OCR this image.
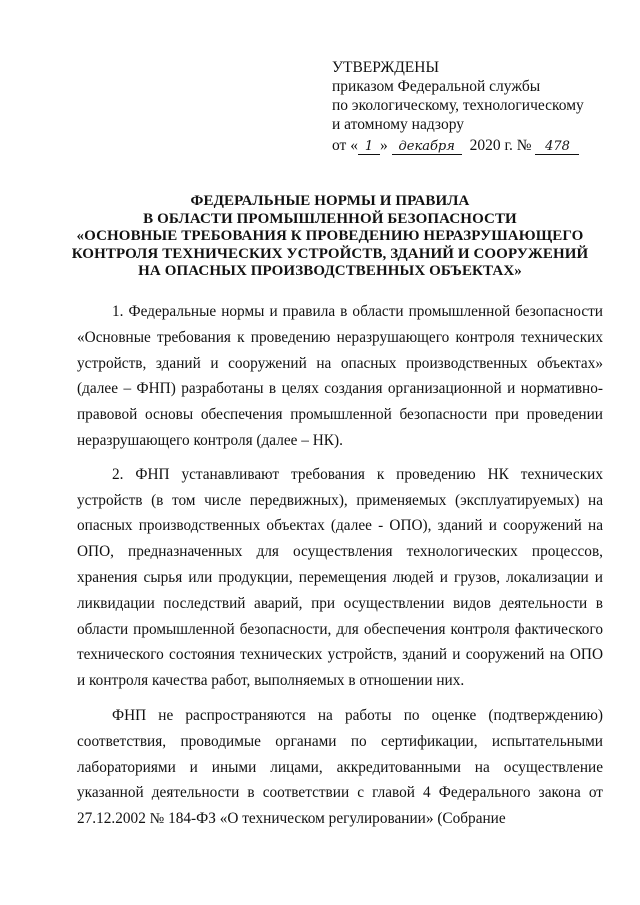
УТВЕРЖДЕНЫ
приказом Федеральной службы
по экологическому, технологическому
и атомному надзору
от « 1 » декабря 2020 г. № 478
ФЕДЕРАЛЬНЫЕ НОРМЫ И ПРАВИЛА
В ОБЛАСТИ ПРОМЫШЛЕННОЙ БЕЗОПАСНОСТИ
«ОСНОВНЫЕ ТРЕБОВАНИЯ К ПРОВЕДЕНИЮ НЕРАЗРУШАЮЩЕГО
КОНТРОЛЯ ТЕХНИЧЕСКИХ УСТРОЙСТВ, ЗДАНИЙ И СООРУЖЕНИЙ
НА ОПАСНЫХ ПРОИЗВОДСТВЕННЫХ ОБЪЕКТАХ»

1. Федеральные нормы и правила в области промышленной безопасности «Основные требования к проведению неразрушающего контроля технических устройств, зданий и сооружений на опасных производственных объектах» (далее – ФНП) разработаны в целях создания организационной и нормативно-правовой основы обеспечения промышленной безопасности при проведении неразрушающего контроля (далее – НК).

2. ФНП устанавливают требования к проведению НК технических устройств (в том числе передвижных), применяемых (эксплуатируемых) на опасных производственных объектах (далее - ОПО), зданий и сооружений на ОПО, предназначенных для осуществления технологических процессов, хранения сырья или продукции, перемещения людей и грузов, локализации и ликвидации последствий аварий, при осуществлении видов деятельности в области промышленной безопасности, для обеспечения контроля фактического технического состояния технических устройств, зданий и сооружений на ОПО и контроля качества работ, выполняемых в отношении них.

ФНП не распространяются на работы по оценке (подтверждению) соответствия, проводимые органами по сертификации, испытательными лабораториями и иными лицами, аккредитованными на осуществление указанной деятельности в соответствии с главой 4 Федерального закона от 27.12.2002 № 184-ФЗ «О техническом регулировании» (Собрание
